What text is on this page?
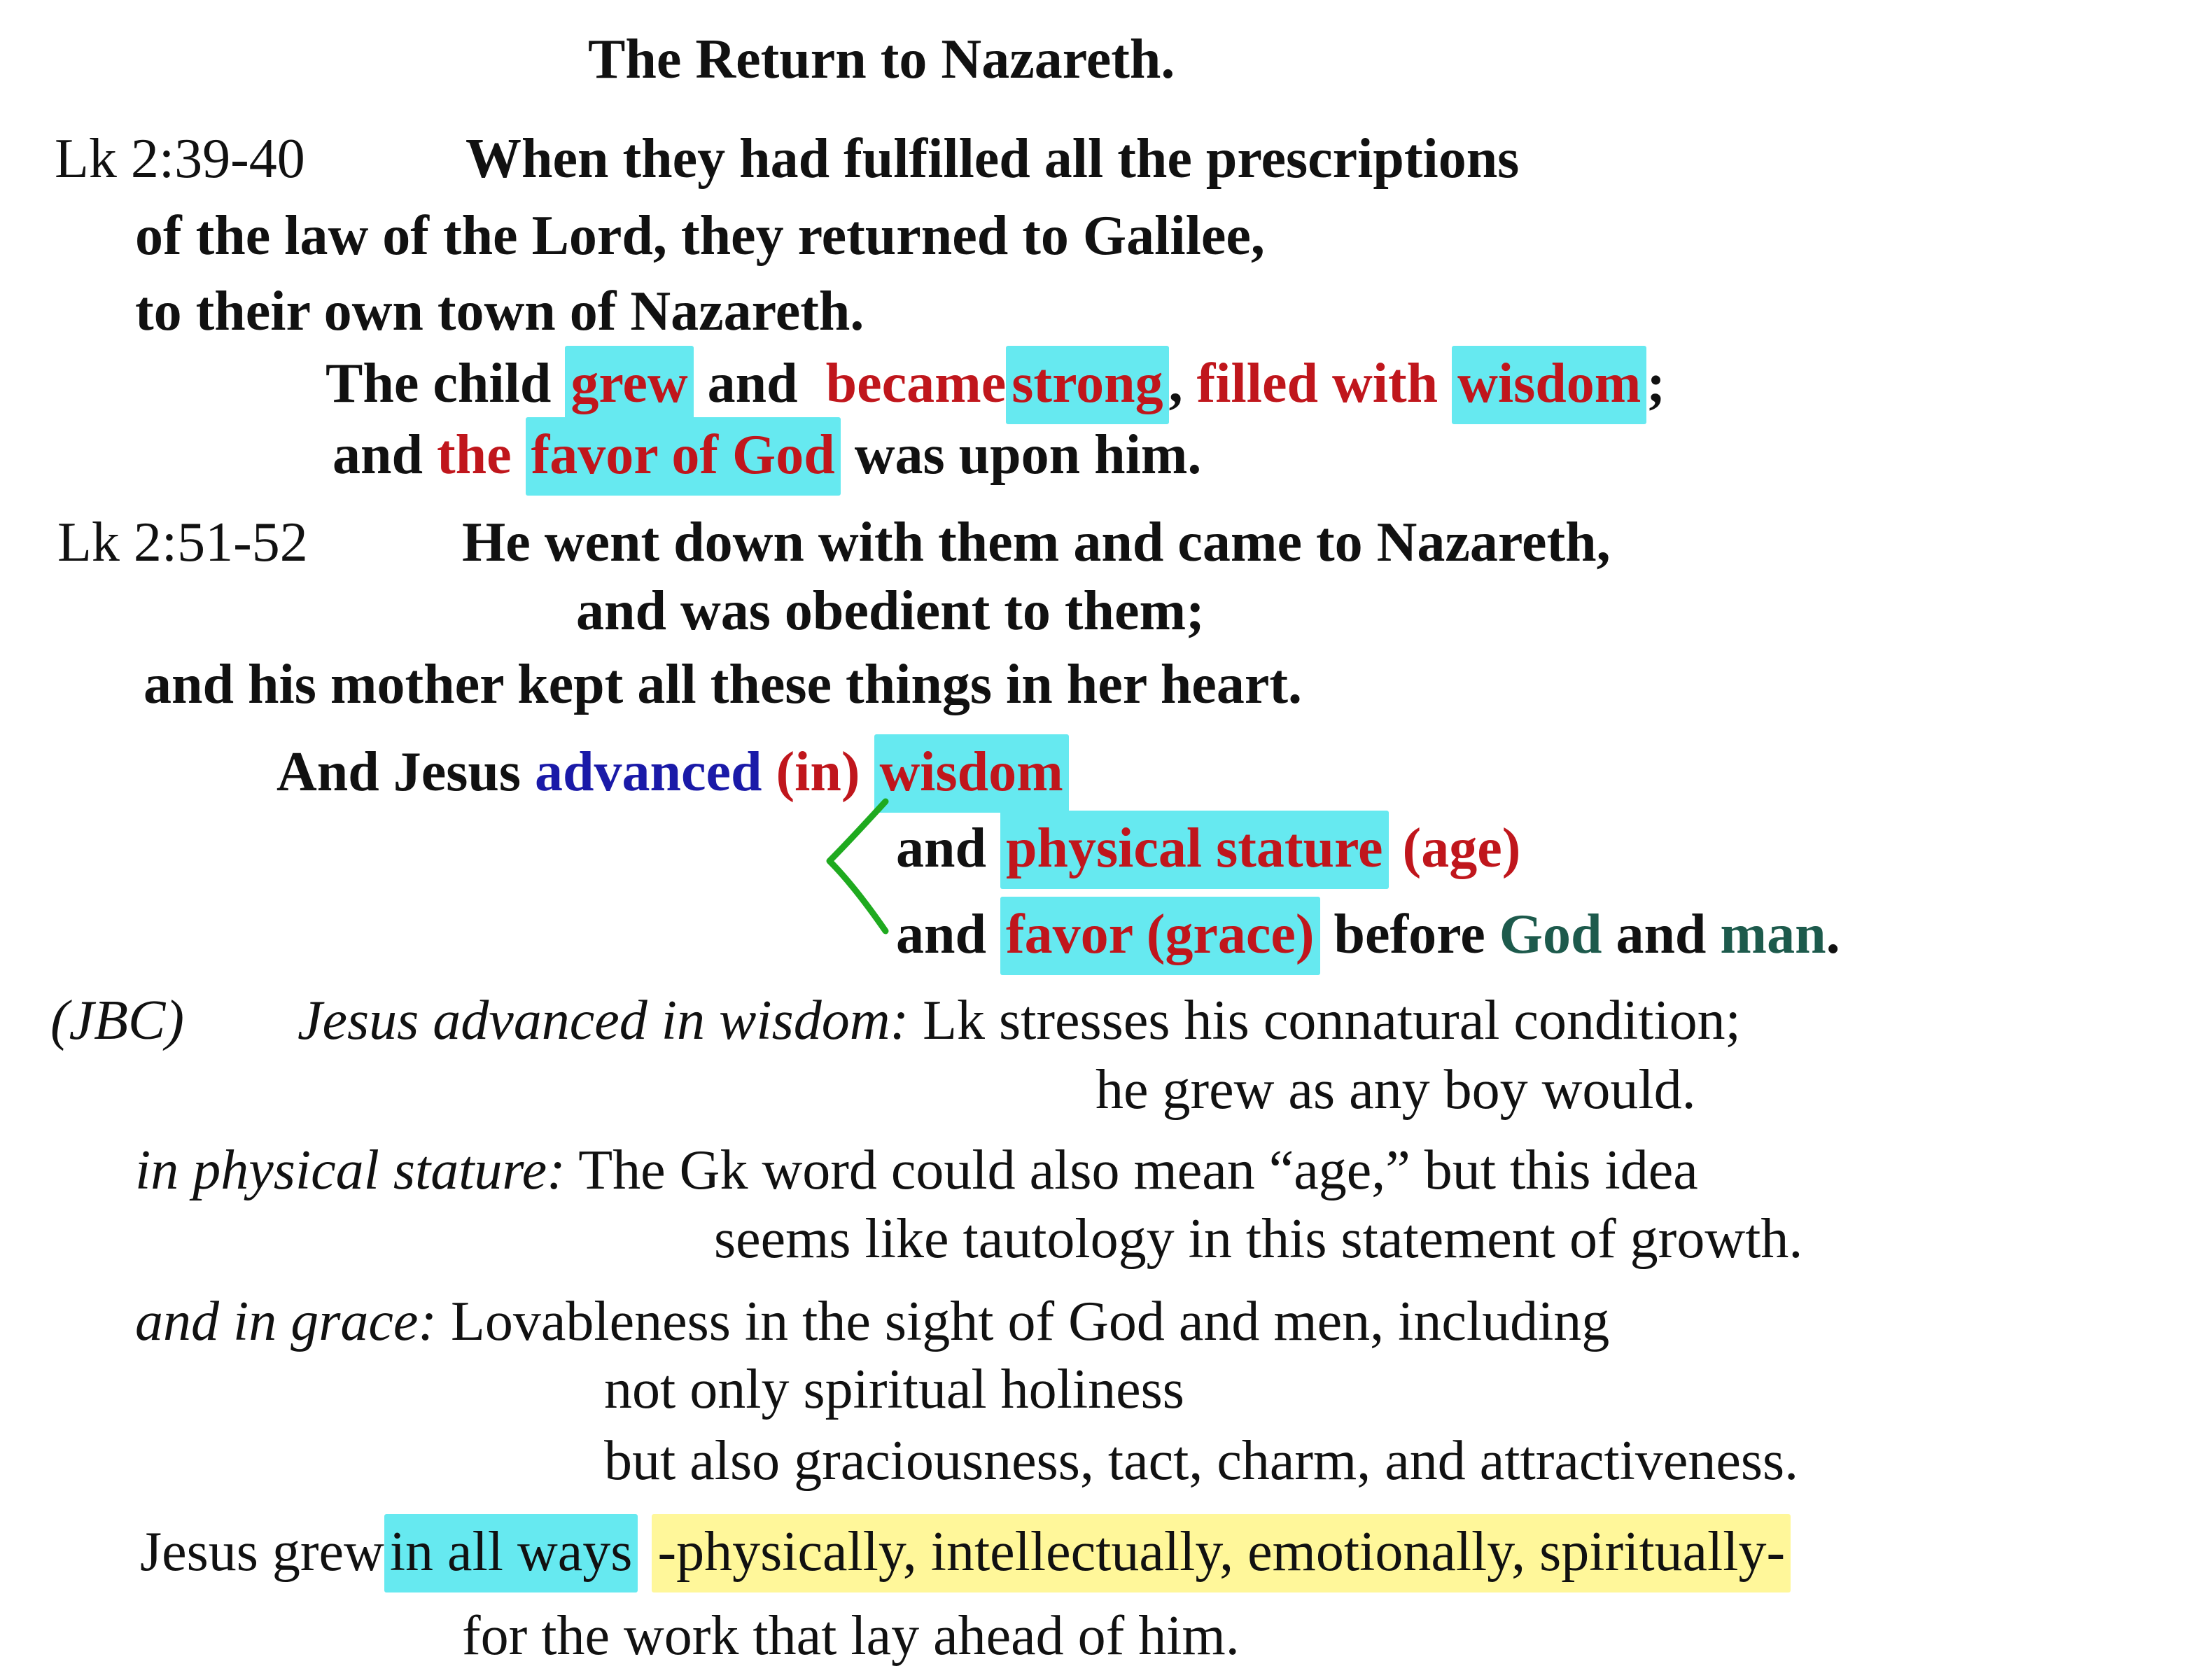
The Return to Nazareth.
Lk 2:39-40	When they had fulfilled all the prescriptions
of the law of the Lord, they returned to Galilee,
to their own town of Nazareth.
The child grew and became strong , filled with wisdom ;
and the favor of God was upon him.
Lk 2:51-52	He went down with them and came to Nazareth,
and was obedient to them;
and his mother kept all these things in her heart.
And Jesus advanced (in) wisdom
and physical stature (age)
and favor (grace) before God and man.
(JBC) Jesus advanced in wisdom: Lk stresses his connatural condition;
he grew as any boy would.
in physical stature: The Gk word could also mean “age,” but this idea
seems like tautology in this statement of growth.
and in grace: Lovableness in the sight of God and men, including
not only spiritual holiness
but also graciousness, tact, charm, and attractiveness.
Jesus grew in all ways -physically, intellectually, emotionally, spiritually-
for the work that lay ahead of him.
